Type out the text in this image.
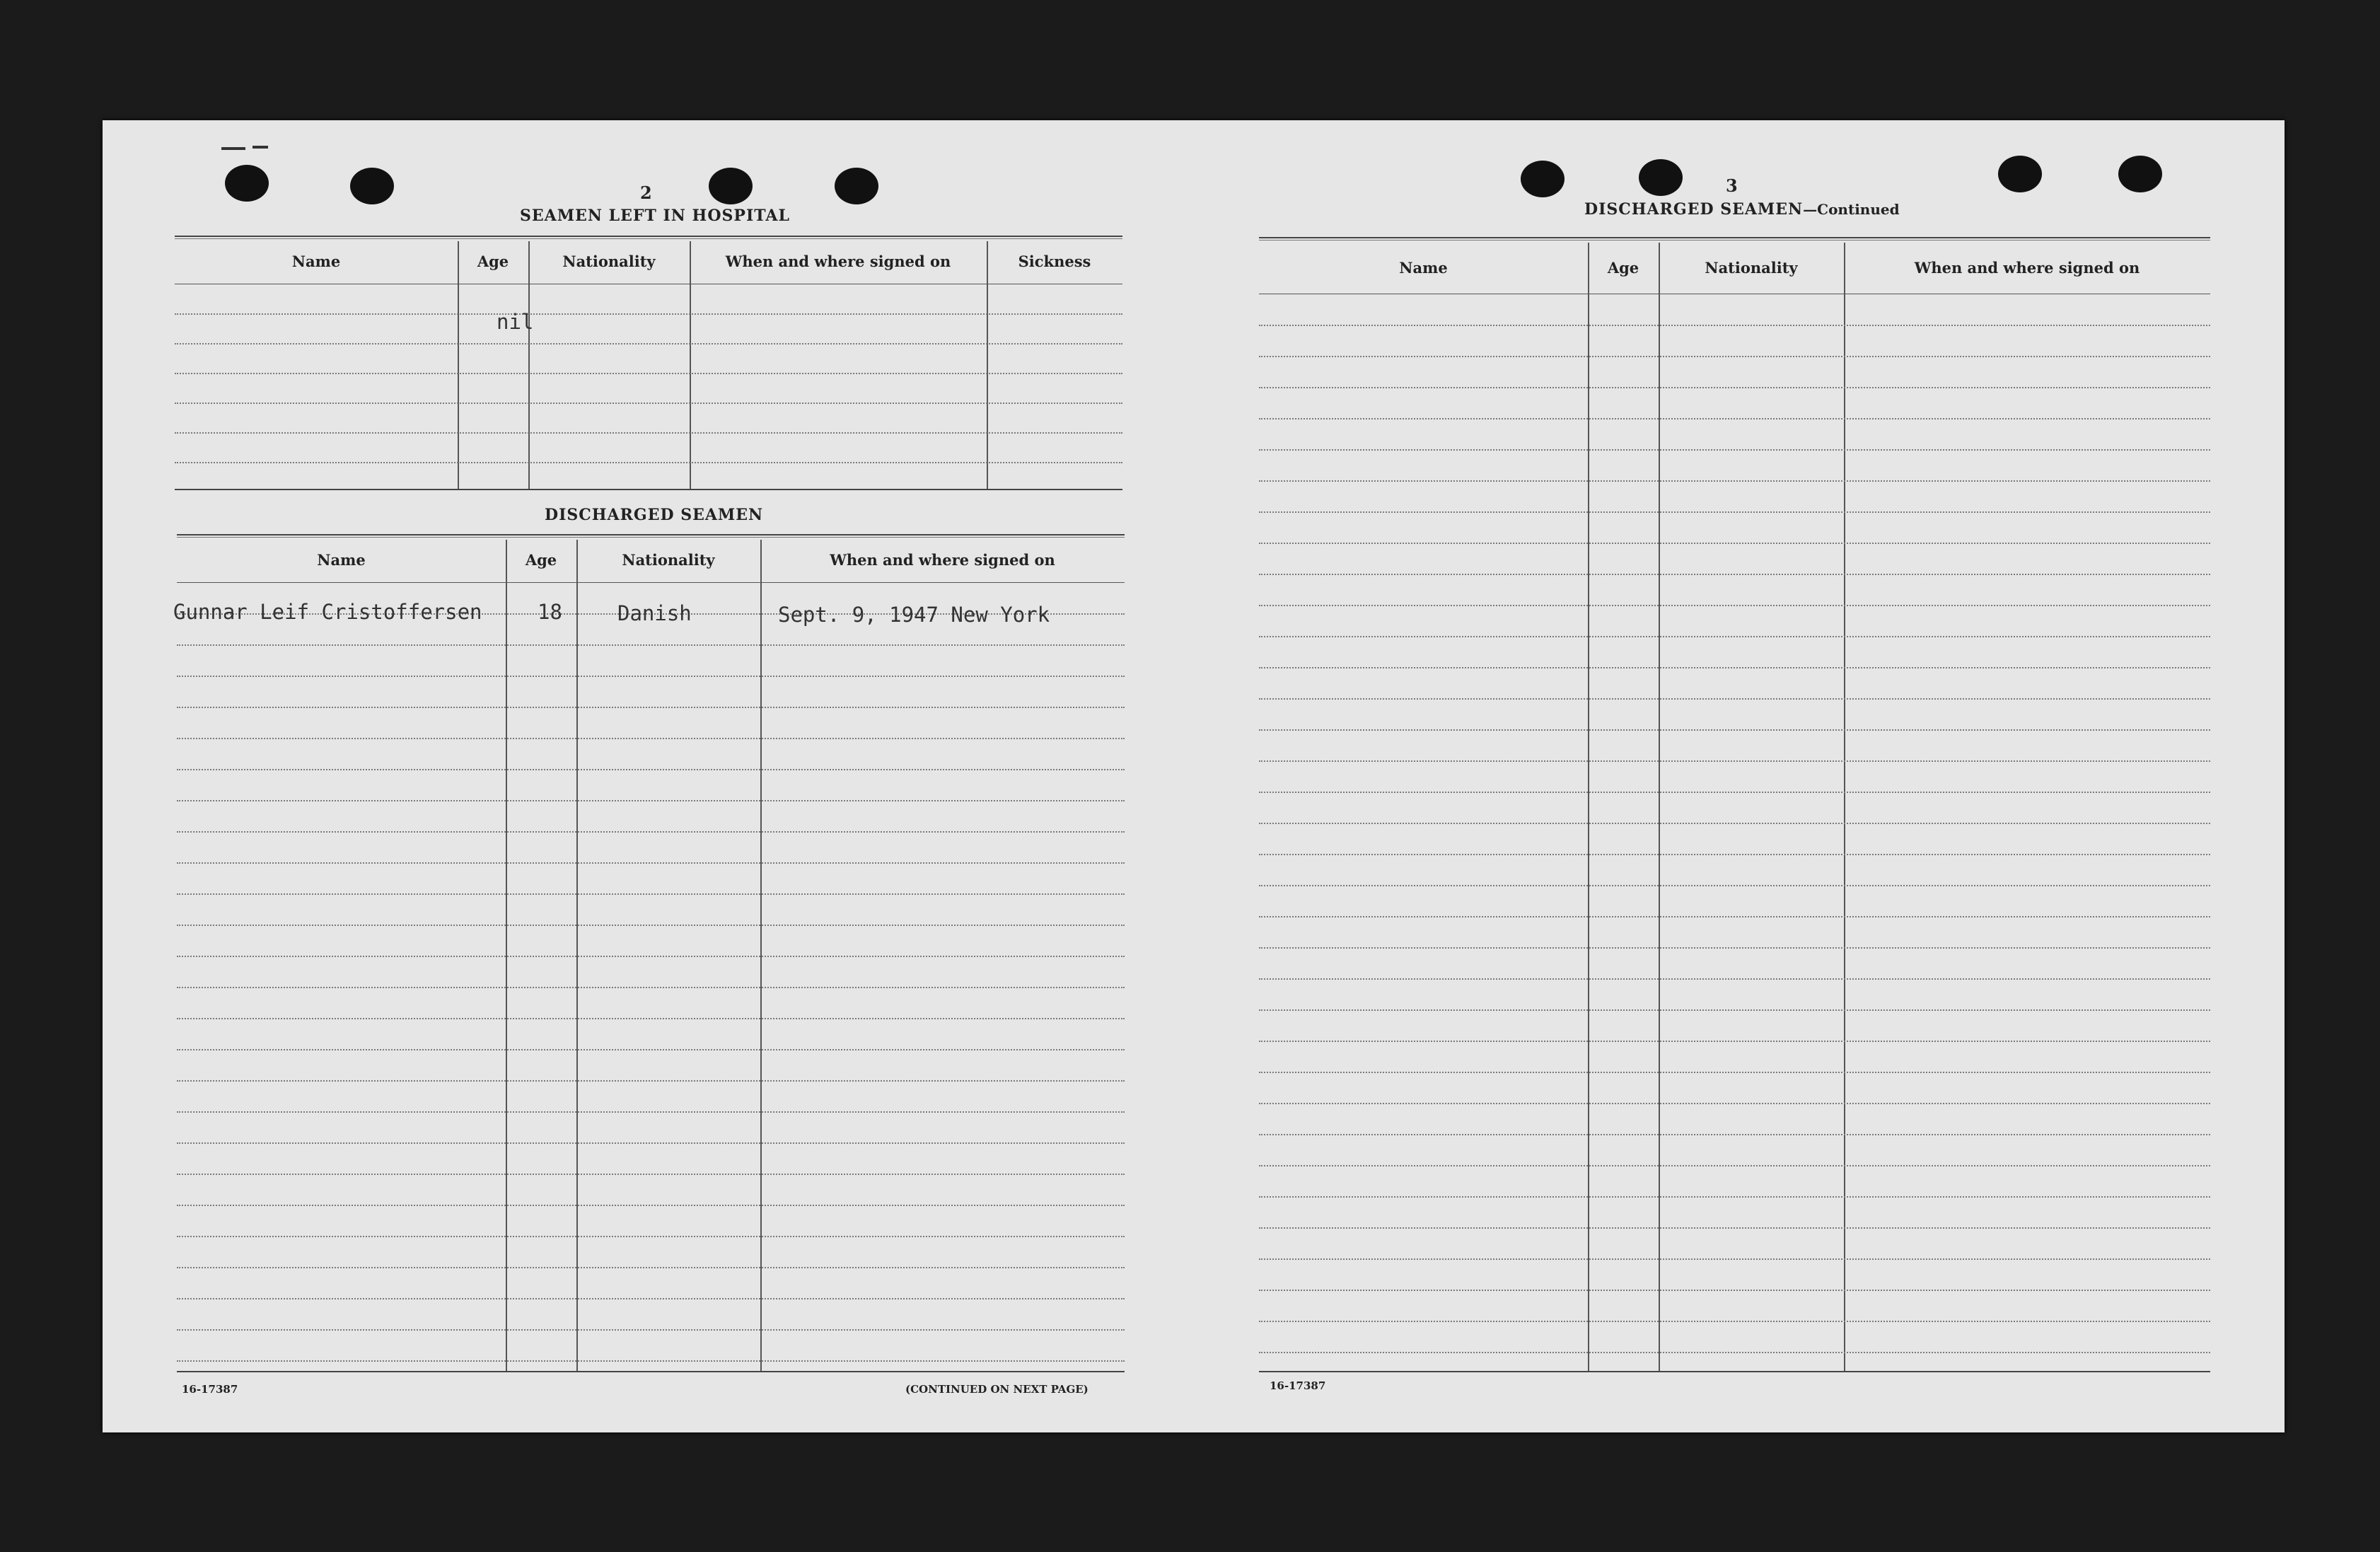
2
SEAMEN LEFT IN HOSPITAL
Name	Age	Nationality	When and where signed on	Sickness
nil
DISCHARGED SEAMEN
Name	Age	Nationality	When and where signed on
Gunnar Leif Cristoffersen	18	Danish	Sept. 9, 1947 New York
16-17387	(CONTINUED ON NEXT PAGE)
3
DISCHARGED SEAMEN—Continued
Name	Age	Nationality	When and where signed on
16-17387
